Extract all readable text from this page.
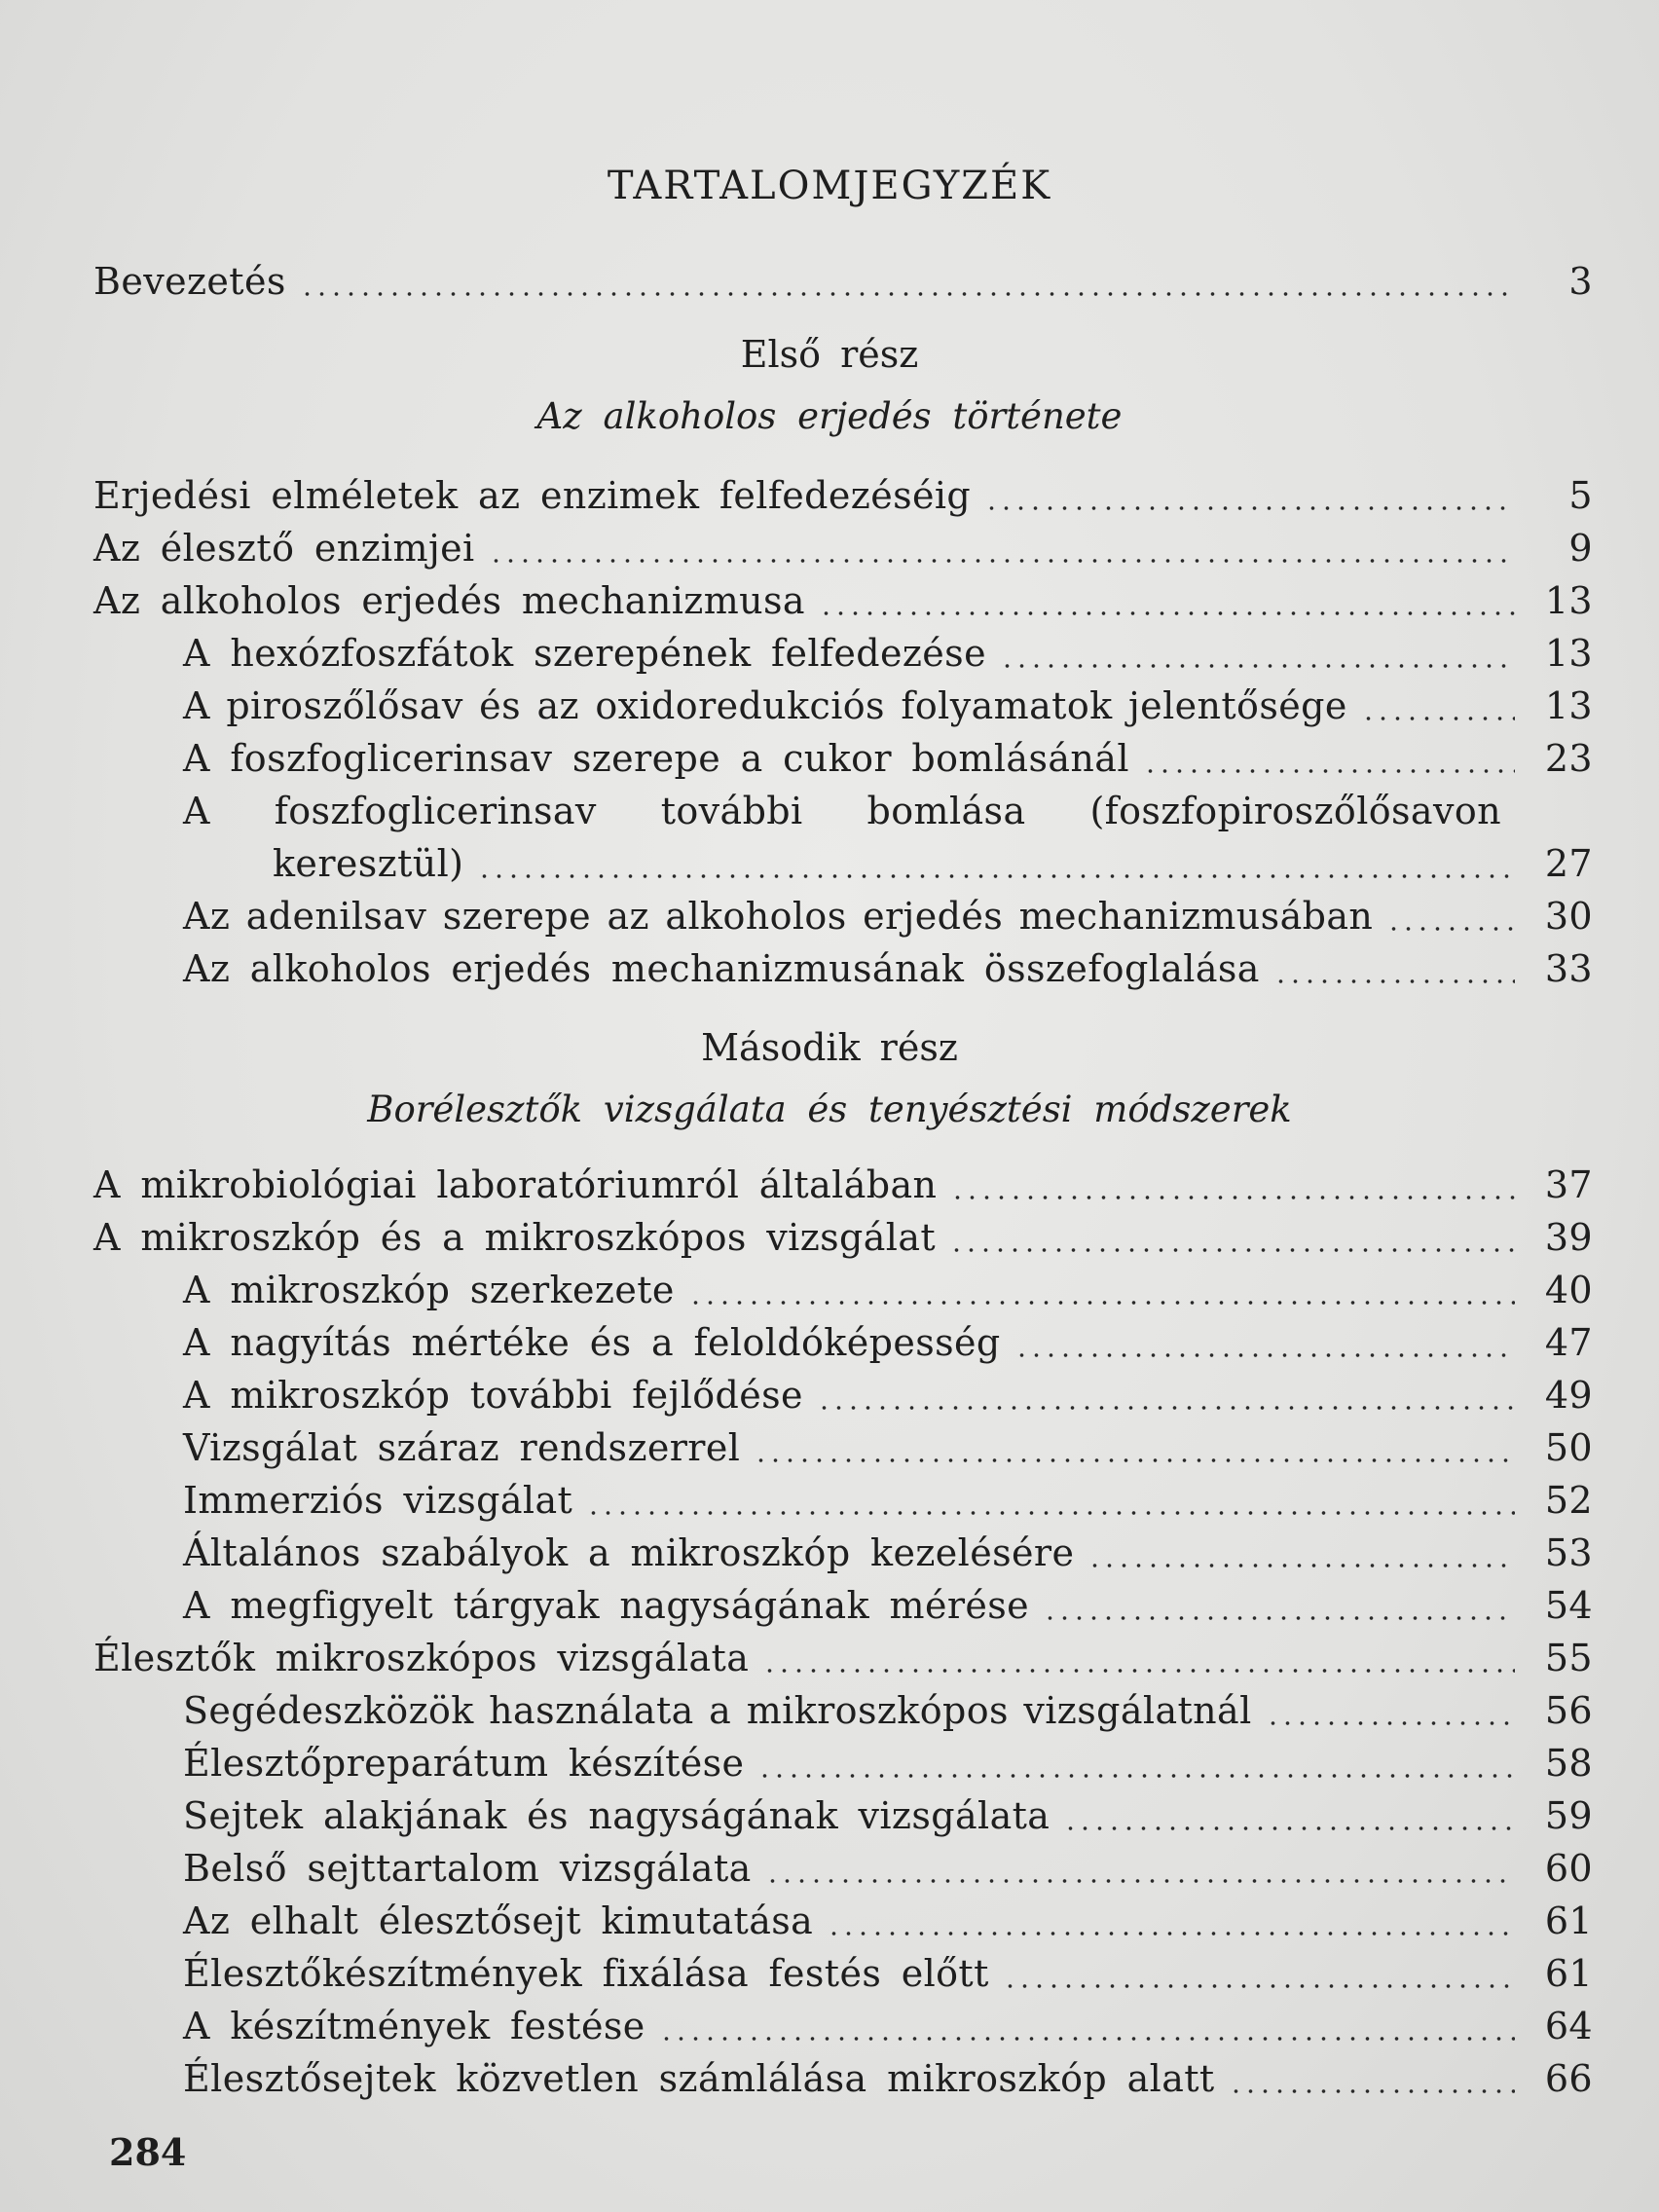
TARTALOMJEGYZÉK
Bevezetés	3
Első rész
Az alkoholos erjedés története
Erjedési elméletek az enzimek felfedezéséig	5
Az élesztő enzimjei	9
Az alkoholos erjedés mechanizmusa	13
A hexózfoszfátok szerepének felfedezése	13
A piroszőlősav és az oxidoredukciós folyamatok jelentősége	13
A foszfoglicerinsav szerepe a cukor bomlásánál	23
A foszfoglicerinsav további bomlása (foszfopiroszőlősavon
keresztül)	27
Az adenilsav szerepe az alkoholos erjedés mechanizmusában	30
Az alkoholos erjedés mechanizmusának összefoglalása	33
Második rész
Borélesztők vizsgálata és tenyésztési módszerek
A mikrobiológiai laboratóriumról általában	37
A mikroszkóp és a mikroszkópos vizsgálat	39
A mikroszkóp szerkezete	40
A nagyítás mértéke és a feloldóképesség	47
A mikroszkóp további fejlődése	49
Vizsgálat száraz rendszerrel	50
Immerziós vizsgálat	52
Általános szabályok a mikroszkóp kezelésére	53
A megfigyelt tárgyak nagyságának mérése	54
Élesztők mikroszkópos vizsgálata	55
Segédeszközök használata a mikroszkópos vizsgálatnál	56
Élesztőpreparátum készítése	58
Sejtek alakjának és nagyságának vizsgálata	59
Belső sejttartalom vizsgálata	60
Az elhalt élesztősejt kimutatása	61
Élesztőkészítmények fixálása festés előtt	61
A készítmények festése	64
Élesztősejtek közvetlen számlálása mikroszkóp alatt	66
284
